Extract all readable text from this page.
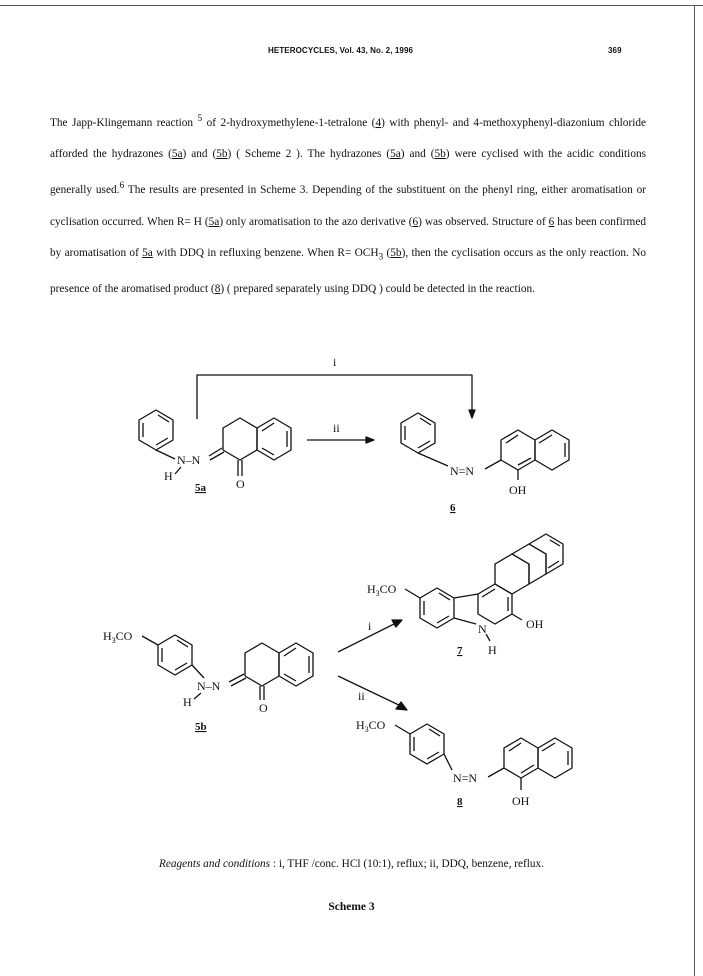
HETEROCYCLES, Vol. 43, No. 2, 1996	369

The Japp-Klingemann reaction $^5$ of 2-hydroxymethylene-1-tetralone (4) with phenyl- and 4-methoxyphenyl-diazonium chloride afforded the hydrazones (5a) and (5b) ( Scheme 2 ). The hydrazones (5a) and (5b) were cyclised with the acidic conditions generally used.$^6$ The results are presented in Scheme 3. Depending of the substituent on the phenyl ring, either aromatisation or cyclisation occurred. When R= H (5a) only aromatisation to the azo derivative (6) was observed. Structure of 6 has been confirmed by aromatisation of 5a with DDQ in refluxing benzene. When $R= OCH_3$ (5b), then the cyclisation occurs as the only reaction. No presence of the aromatised product (8) ( prepared separately using DDQ ) could be detected in the reaction.

N–N
H
O
5a
i
ii
N=N
OH
6
$H_3CO$
N–N
H	O
5b
i
ii
$H_3CO$
OH
N
H
7
$H_3CO$
N=N
OH
8
Reagents and conditions : i, THF /conc. HCl (10:1), reflux; ii, DDQ, benzene, reflux.
Scheme 3
